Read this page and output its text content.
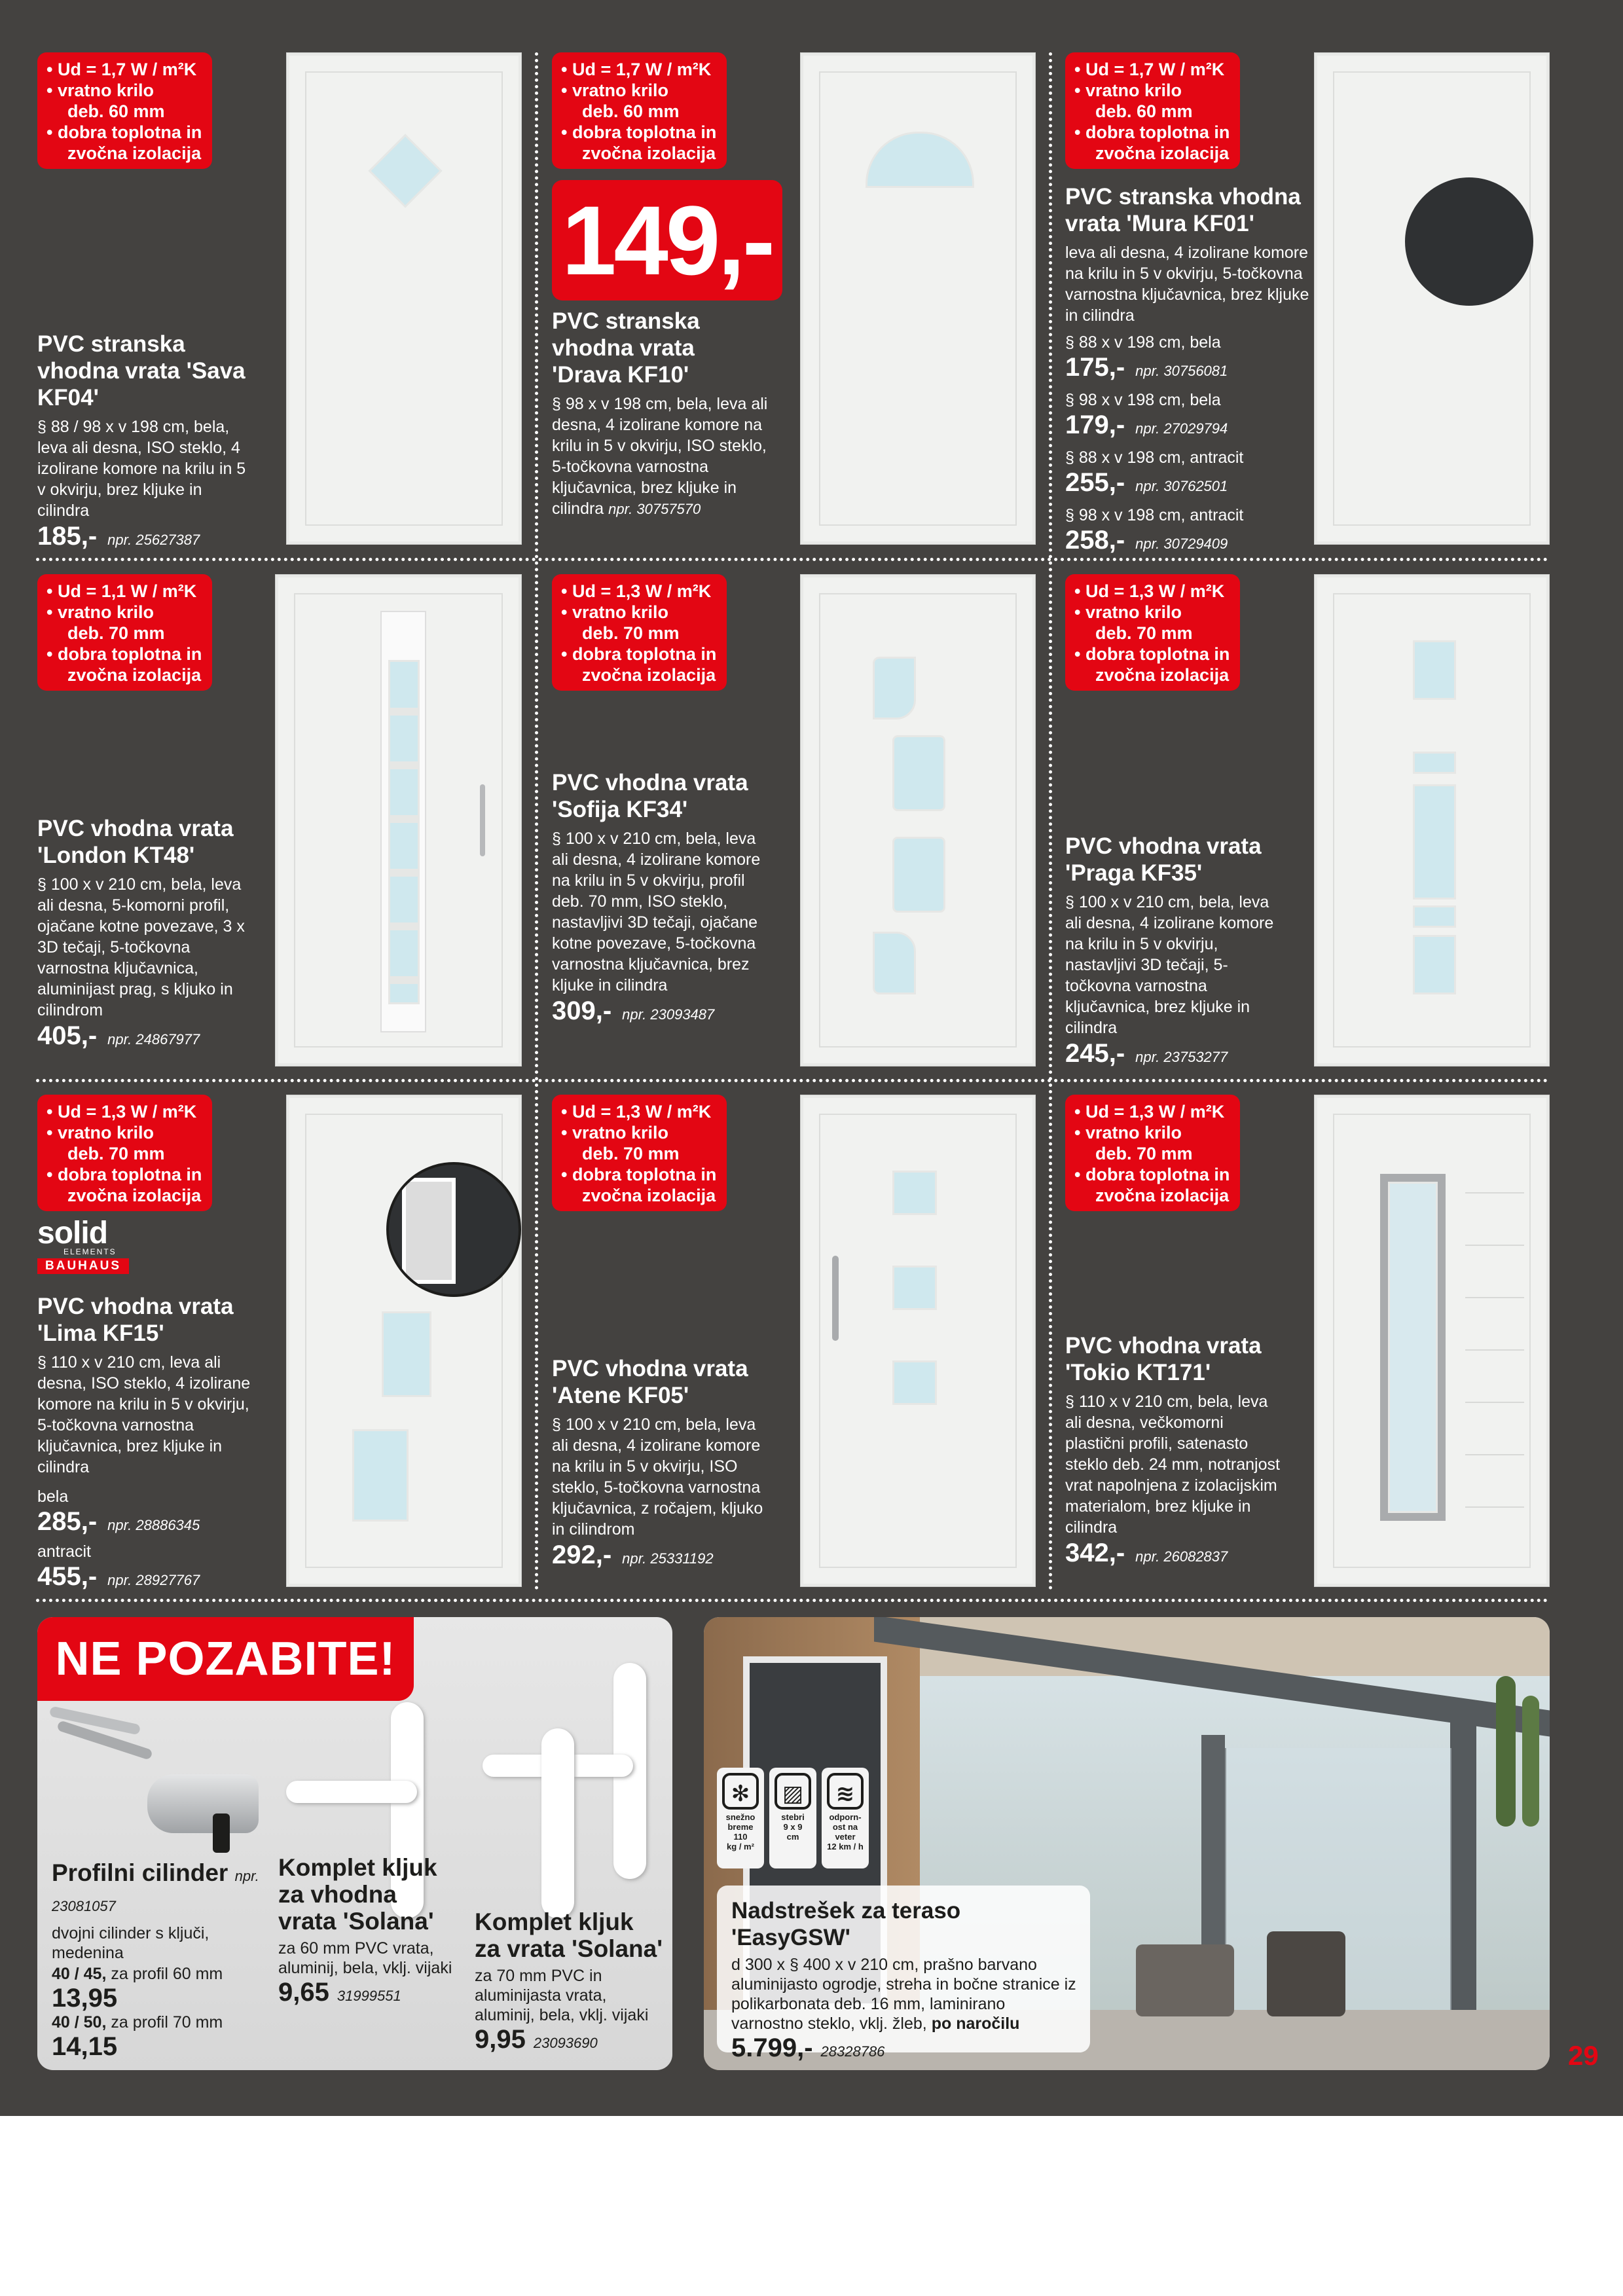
• Ud = 1,7 W / m²K
• vratno krilo
deb. 60 mm
• dobra toplotna in
zvočna izolacija
PVC stranska vhodna vrata 'Sava KF04'
§ 88 / 98 x v 198 cm, bela, leva ali desna, ISO steklo, 4 izolirane komore na krilu in 5 v okvirju, brez kljuke in cilindra
185,- npr. 25627387
• Ud = 1,7 W / m²K
• vratno krilo
deb. 60 mm
• dobra toplotna in
zvočna izolacija
149,-
PVC stranska vhodna vrata 'Drava KF10'
§ 98 x v 198 cm, bela, leva ali desna, 4 izolirane komore na krilu in 5 v okvirju, ISO steklo, 5-točkovna varnostna ključavnica, brez kljuke in cilindra npr. 30757570
• Ud = 1,7 W / m²K
• vratno krilo
deb. 60 mm
• dobra toplotna in
zvočna izolacija
PVC stranska vhodna vrata 'Mura KF01'
leva ali desna, 4 izolirane komore na krilu in 5 v okvirju, 5-točkovna varnostna ključavnica, brez kljuke in cilindra
§ 88 x v 198 cm, bela
175,- npr. 30756081
§ 98 x v 198 cm, bela
179,- npr. 27029794
§ 88 x v 198 cm, antracit
255,- npr. 30762501
§ 98 x v 198 cm, antracit
258,- npr. 30729409
• Ud = 1,1 W / m²K
• vratno krilo
deb. 70 mm
• dobra toplotna in
zvočna izolacija
PVC vhodna vrata 'London KT48'
§ 100 x v 210 cm, bela, leva ali desna, 5-komorni profil, ojačane kotne povezave, 3 x 3D tečaji, 5-točkovna varnostna ključavnica, aluminijast prag, s kljuko in cilindrom
405,- npr. 24867977
• Ud = 1,3 W / m²K
• vratno krilo
deb. 70 mm
• dobra toplotna in
zvočna izolacija
PVC vhodna vrata 'Sofija KF34'
§ 100 x v 210 cm, bela, leva ali desna, 4 izolirane komore na krilu in 5 v okvirju, profil deb. 70 mm, ISO steklo, nastavljivi 3D tečaji, ojačane kotne povezave, 5-točkovna varnostna ključavnica, brez kljuke in cilindra
309,- npr. 23093487
• Ud = 1,3 W / m²K
• vratno krilo
deb. 70 mm
• dobra toplotna in
zvočna izolacija
PVC vhodna vrata 'Praga KF35'
§ 100 x v 210 cm, bela, leva ali desna, 4 izolirane komore na krilu in 5 v okvirju, nastavljivi 3D tečaji, 5-točkovna varnostna ključavnica, brez kljuke in cilindra
245,- npr. 23753277
• Ud = 1,3 W / m²K
• vratno krilo
deb. 70 mm
• dobra toplotna in
zvočna izolacija
solid
ELEMENTS
BAUHAUS
PVC vhodna vrata 'Lima KF15'
§ 110 x v 210 cm, leva ali desna, ISO steklo, 4 izolirane komore na krilu in 5 v okvirju, 5-točkovna varnostna ključavnica, brez kljuke in cilindra
bela
285,- npr. 28886345
antracit
455,- npr. 28927767
• Ud = 1,3 W / m²K
• vratno krilo
deb. 70 mm
• dobra toplotna in
zvočna izolacija
PVC vhodna vrata 'Atene KF05'
§ 100 x v 210 cm, bela, leva ali desna, 4 izolirane komore na krilu in 5 v okvirju, ISO steklo, 5-točkovna varnostna ključavnica, z ročajem, kljuko in cilindrom
292,- npr. 25331192
• Ud = 1,3 W / m²K
• vratno krilo
deb. 70 mm
• dobra toplotna in
zvočna izolacija
PVC vhodna vrata 'Tokio KT171'
§ 110 x v 210 cm, bela, leva ali desna, večkomorni plastični profili, satenasto steklo deb. 24 mm, notranjost vrat napolnjena z izolacijskim materialom, brez kljuke in cilindra
342,- npr. 26082837
NE POZABITE!
Profilni cilinder npr. 23081057
dvojni cilinder s ključi, medenina
40 / 45, za profil 60 mm
13,95
40 / 50, za profil 70 mm
14,15
Komplet kljuk za vhodna vrata 'Solana'
za 60 mm PVC vrata, aluminij, bela, vklj. vijaki
9,65 31999551
Komplet kljuk za vrata 'Solana'
za 70 mm PVC in aluminijasta vrata, aluminij, bela, vklj. vijaki
9,95 23093690
✻
snežno
breme
110
kg / m²
▨
stebri
9 x 9
cm
≋
odporn-
ost na
veter
12 km / h
Nadstrešek za teraso 'EasyGSW'
d 300 x § 400 x v 210 cm, prašno barvano aluminijasto ogrodje, streha in bočne stranice iz polikarbonata deb. 16 mm, laminirano varnostno steklo, vklj. žleb, po naročilu
5.799,- 28328786	29
